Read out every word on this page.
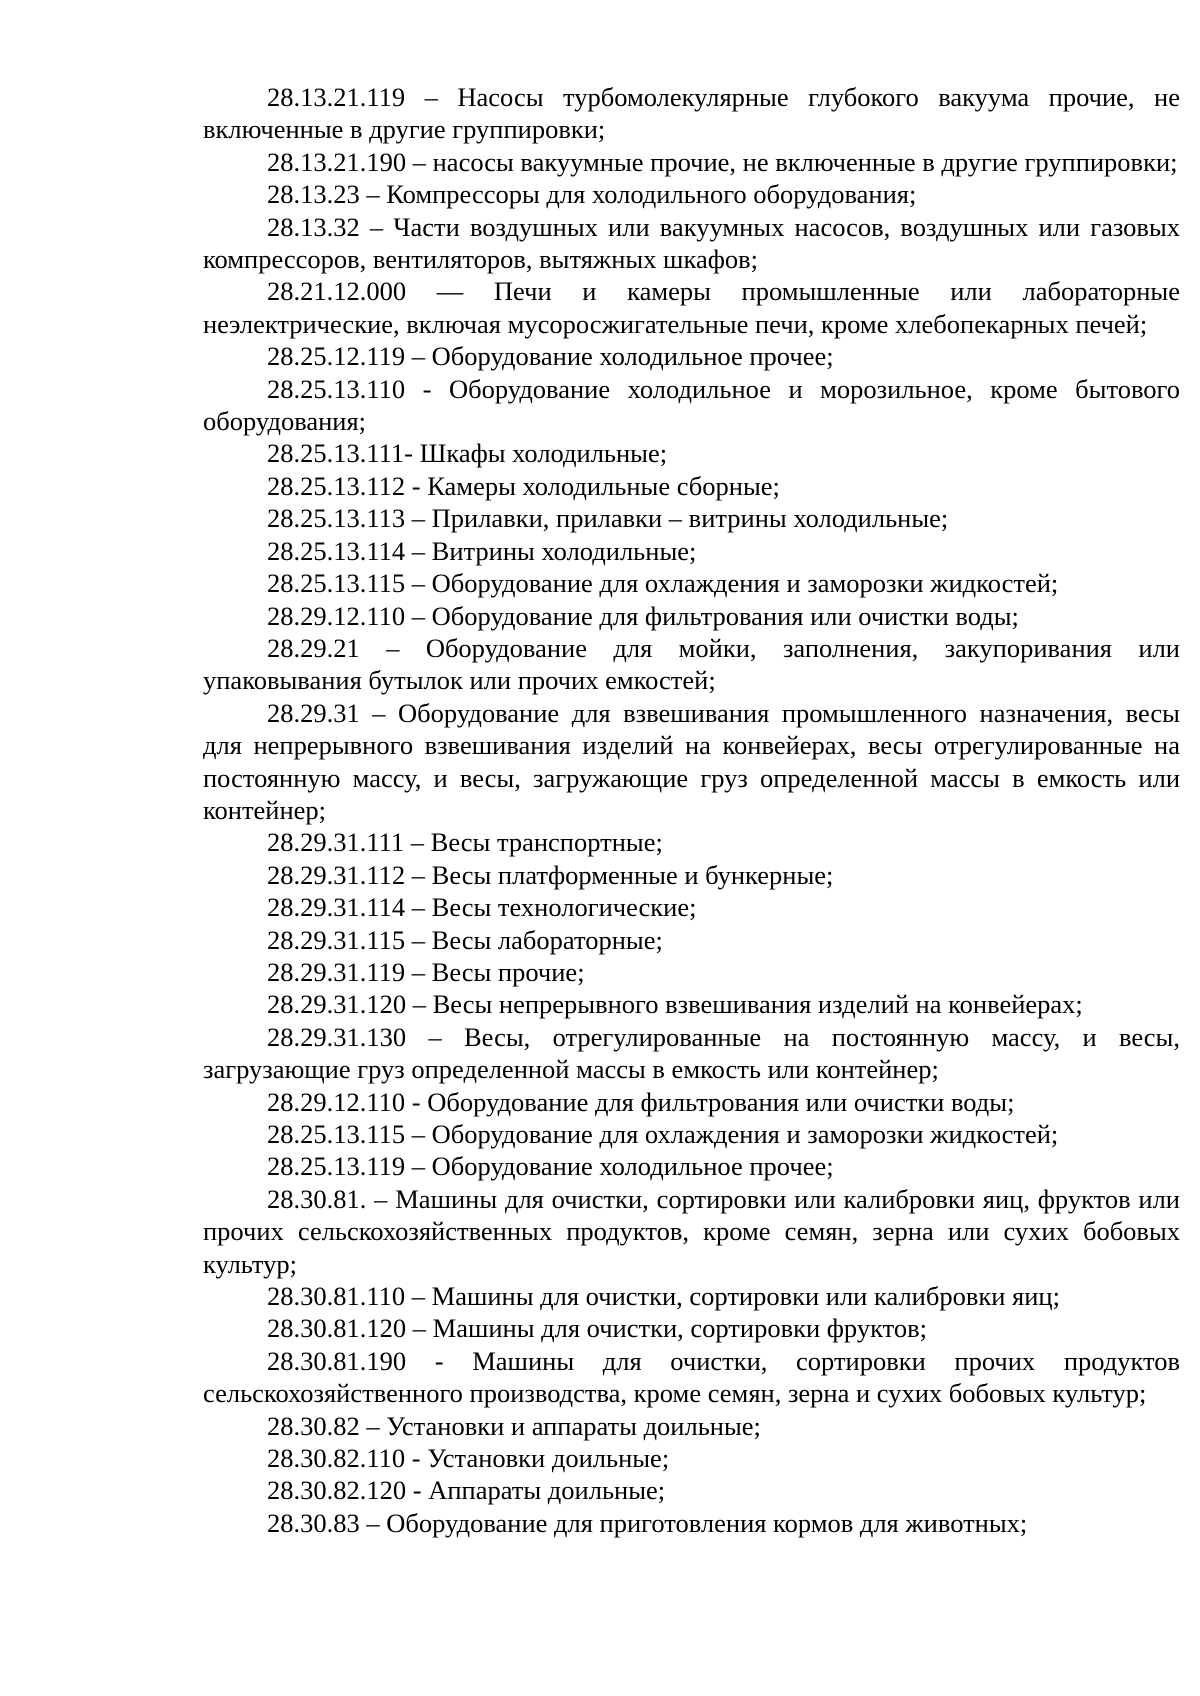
28.13.21.119 – Насосы турбомолекулярные глубокого вакуума прочие, не включенные в другие группировки;

28.13.21.190 – насосы вакуумные прочие, не включенные в другие группировки;

28.13.23 – Компрессоры для холодильного оборудования;

28.13.32 – Части воздушных или вакуумных насосов, воздушных или газовых компрессоров, вентиляторов, вытяжных шкафов;

28.21.12.000 — Печи и камеры промышленные или лабораторные неэлектрические, включая мусоросжигательные печи, кроме хлебопекарных печей;

28.25.12.119 – Оборудование холодильное прочее;

28.25.13.110 - Оборудование холодильное и морозильное, кроме бытового оборудования;

28.25.13.111- Шкафы холодильные;

28.25.13.112 - Камеры холодильные сборные;

28.25.13.113 – Прилавки, прилавки – витрины холодильные;

28.25.13.114 – Витрины холодильные;

28.25.13.115 – Оборудование для охлаждения и заморозки жидкостей;

28.29.12.110 – Оборудование для фильтрования или очистки воды;

28.29.21 – Оборудование для мойки, заполнения, закупоривания или упаковывания бутылок или прочих емкостей;

28.29.31 – Оборудование для взвешивания промышленного назначения, весы для непрерывного взвешивания изделий на конвейерах, весы отрегулированные на постоянную массу, и весы, загружающие груз определенной массы в емкость или контейнер;

28.29.31.111 – Весы транспортные;

28.29.31.112 – Весы платформенные и бункерные;

28.29.31.114 – Весы технологические;

28.29.31.115 – Весы лабораторные;

28.29.31.119 – Весы прочие;

28.29.31.120 – Весы непрерывного взвешивания изделий на конвейерах;

28.29.31.130 – Весы, отрегулированные на постоянную массу, и весы, загрузающие груз определенной массы в емкость или контейнер;

28.29.12.110 - Оборудование для фильтрования или очистки воды;

28.25.13.115 – Оборудование для охлаждения и заморозки жидкостей;

28.25.13.119 – Оборудование холодильное прочее;

28.30.81. – Машины для очистки, сортировки или калибровки яиц, фруктов или прочих сельскохозяйственных продуктов, кроме семян, зерна или сухих бобовых культур;

28.30.81.110 – Машины для очистки, сортировки или калибровки яиц;

28.30.81.120 – Машины для очистки, сортировки фруктов;

28.30.81.190 - Машины для очистки, сортировки прочих продуктов сельскохозяйственного производства, кроме семян, зерна и сухих бобовых культур;

28.30.82 – Установки и аппараты доильные;

28.30.82.110 - Установки доильные;

28.30.82.120 - Аппараты доильные;

28.30.83 – Оборудование для приготовления кормов для животных;
